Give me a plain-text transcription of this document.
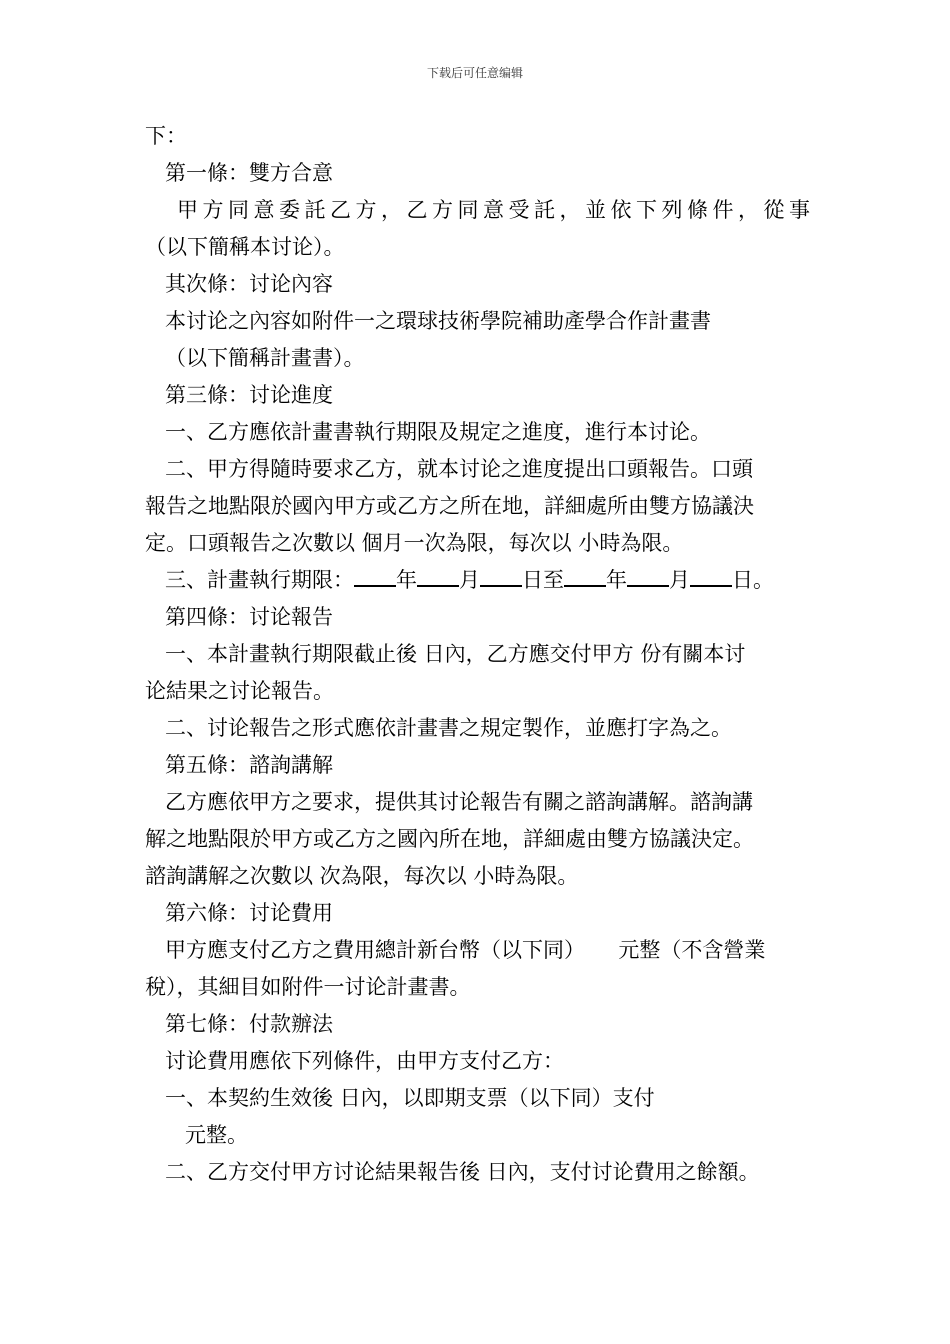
下载后可任意编辑
下：
第一條：雙方合意
甲方同意委託乙方，乙方同意受託，並依下列條件，從事
（以下簡稱本讨论）。
其次條：讨论內容
本讨论之內容如附件一之環球技術學院補助產學合作計畫書
（以下簡稱計畫書）。
第三條：讨论進度
一、乙方應依計畫書執行期限及規定之進度，進行本讨论。
二、甲方得隨時要求乙方，就本讨论之進度提出口頭報告。口頭
報告之地點限於國內甲方或乙方之所在地，詳細處所由雙方協議決
定。口頭報告之次數以 個月一次為限，每次以 小時為限。
三、計畫執行期限： 年 月 日至 年 月 日。
第四條：讨论報告
一、本計畫執行期限截止後 日內，乙方應交付甲方 份有關本讨
论結果之讨论報告。
二、讨论報告之形式應依計畫書之規定製作，並應打字為之。
第五條：諮詢講解
乙方應依甲方之要求，提供其讨论報告有關之諮詢講解。諮詢講
解之地點限於甲方或乙方之國內所在地，詳細處由雙方協議決定。
諮詢講解之次數以 次為限，每次以 小時為限。
第六條：讨论費用
甲方應支付乙方之費用總計新台幣（以下同）     元整（不含營業
稅），其細目如附件一讨论計畫書。
第七條：付款辦法
讨论費用應依下列條件，由甲方支付乙方：
一、本契約生效後 日內，以即期支票（以下同）支付
元整。
二、乙方交付甲方讨论結果報告後 日內，支付讨论費用之餘額。
